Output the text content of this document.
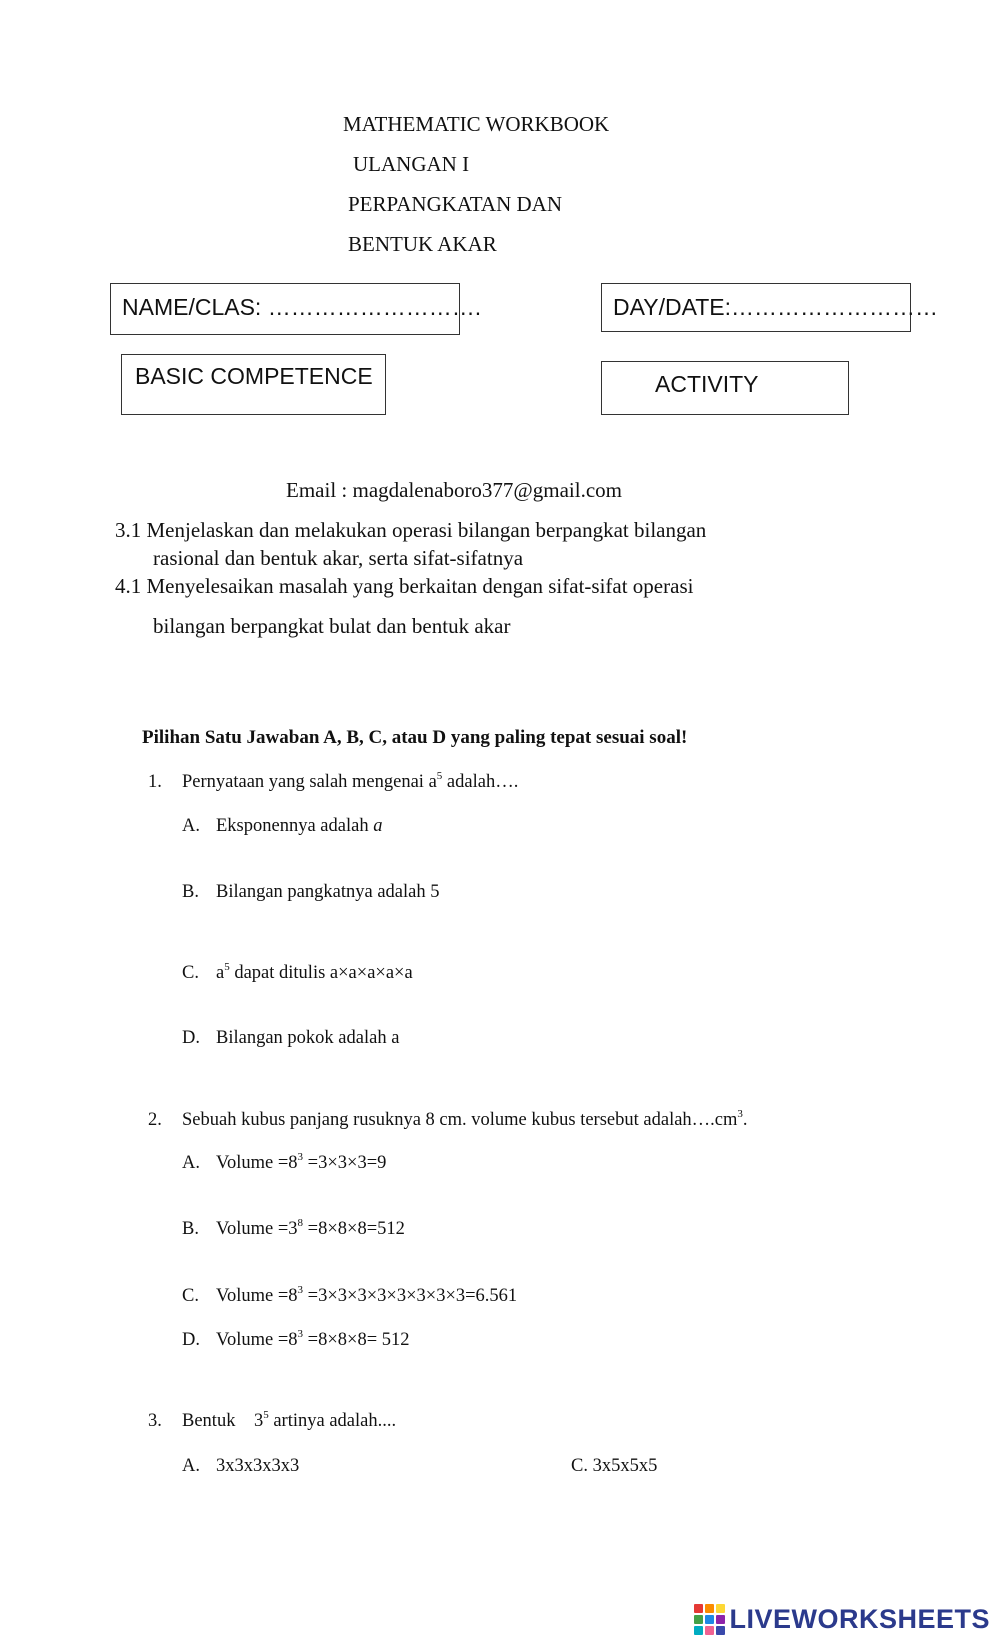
MATHEMATIC WORKBOOK
ULANGAN I
PERPANGKATAN DAN
BENTUK AKAR
NAME/CLAS: ……………………….	DAY/DATE:………………………
BASIC COMPETENCE	ACTIVITY
Email : magdalenaboro377@gmail.com
3.1 Menjelaskan dan melakukan operasi bilangan berpangkat bilangan
rasional dan bentuk akar, serta sifat-sifatnya
4.1 Menyelesaikan masalah yang berkaitan dengan sifat-sifat operasi
bilangan berpangkat bulat dan bentuk akar
Pilihan Satu Jawaban A, B, C, atau D yang paling tepat sesuai soal!
1. Pernyataan yang salah mengenai $a^5$ adalah….
A. Eksponennya adalah a
B. Bilangan pangkatnya adalah 5
C. $a^5$ dapat ditulis a×a×a×a×a
D. Bilangan pokok adalah a
2. Sebuah kubus panjang rusuknya 8 cm. volume kubus tersebut $adalah\dots.cm^3$.
A. Volume $=8^3 =3\times 3\times 3=9$
B. Volume $=3^8 =8\times 8\times 8=512$
C. Volume $=8^3 =3\times 3\times 3\times 3\times 3\times 3\times 3\times 3=6.561$
D. Volume $=8^3 =8\times 8\times 8= 512$
3. Bentuk    $3^5$ artinya adalah....
A. 3x3x3x3x3	C. 3x5x5x5
LIVEWORKSHEETS
